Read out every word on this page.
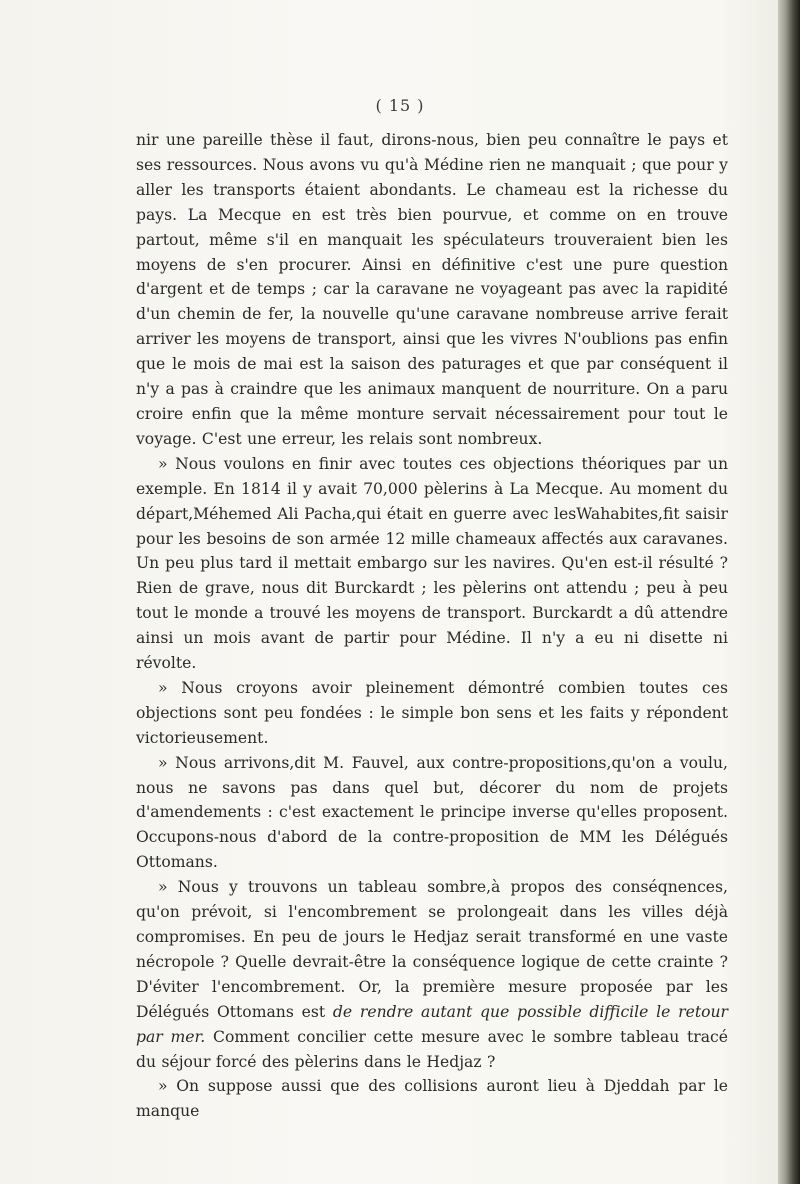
( 15 )

nir une pareille thèse il faut, dirons-nous, bien peu connaître le pays et ses ressources. Nous avons vu qu'à Médine rien ne manquait ; que pour y aller les transports étaient abondants. Le chameau est la richesse du pays. La Mecque en est très bien pourvue, et comme on en trouve partout, même s'il en manquait les spéculateurs trouveraient bien les moyens de s'en procurer. Ainsi en définitive c'est une pure question d'argent et de temps ; car la caravane ne voyageant pas avec la rapidité d'un chemin de fer, la nouvelle qu'une caravane nombreuse arrive ferait arriver les moyens de transport, ainsi que les vivres N'oublions pas enfin que le mois de mai est la saison des paturages et que par conséquent il n'y a pas à craindre que les animaux manquent de nourriture. On a paru croire enfin que la même monture servait nécessairement pour tout le voyage. C'est une erreur, les relais sont nombreux.

» Nous voulons en finir avec toutes ces objections théoriques par un exemple. En 1814 il y avait 70,000 pèlerins à La Mecque. Au moment du départ,Méhemed Ali Pacha,qui était en guerre avec lesWahabites,fit saisir pour les besoins de son armée 12 mille chameaux affectés aux caravanes. Un peu plus tard il mettait embargo sur les navires. Qu'en est-il résulté ? Rien de grave, nous dit Burckardt ; les pèlerins ont attendu ; peu à peu tout le monde a trouvé les moyens de transport. Burckardt a dû attendre ainsi un mois avant de partir pour Médine. Il n'y a eu ni disette ni révolte.

» Nous croyons avoir pleinement démontré combien toutes ces objections sont peu fondées : le simple bon sens et les faits y répondent victorieusement.

» Nous arrivons,dit M. Fauvel, aux contre-propositions,qu'on a voulu, nous ne savons pas dans quel but, décorer du nom de projets d'amendements : c'est exactement le principe inverse qu'elles proposent. Occupons-nous d'abord de la contre-proposition de MM les Délégués Ottomans.

» Nous y trouvons un tableau sombre,à propos des conséqnences, qu'on prévoit, si l'encombrement se prolongeait dans les villes déjà compromises. En peu de jours le Hedjaz serait transformé en une vaste nécropole ? Quelle devrait-être la conséquence logique de cette crainte ? D'éviter l'encombrement. Or, la première mesure proposée par les Délégués Ottomans est de rendre autant que possible difficile le retour par mer. Comment concilier cette mesure avec le sombre tableau tracé du séjour forcé des pèlerins dans le Hedjaz ?

» On suppose aussi que des collisions auront lieu à Djeddah par le manque
